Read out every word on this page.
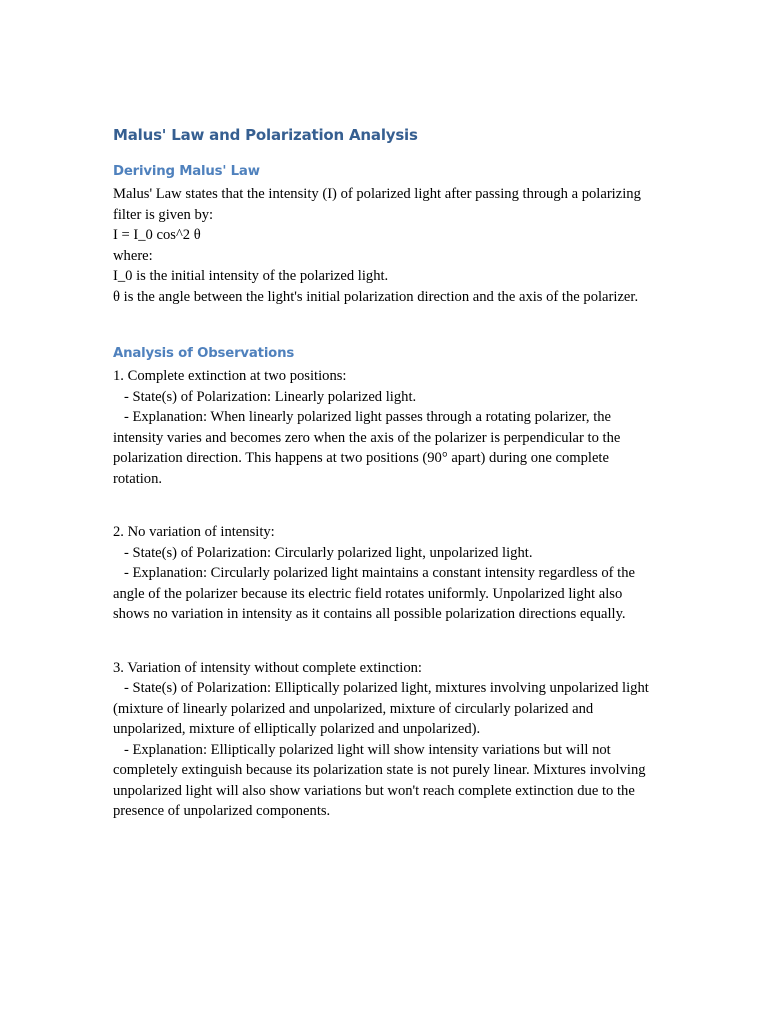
Malus' Law and Polarization Analysis
Deriving Malus' Law

Malus' Law states that the intensity (I) of polarized light after passing through a polarizing filter is given by:

I = I_0 cos^2 θ

where:

I_0 is the initial intensity of the polarized light.

θ is the angle between the light's initial polarization direction and the axis of the polarizer.

Analysis of Observations

1. Complete extinction at two positions:

- State(s) of Polarization: Linearly polarized light.

- Explanation: When linearly polarized light passes through a rotating polarizer, the intensity varies and becomes zero when the axis of the polarizer is perpendicular to the polarization direction. This happens at two positions (90° apart) during one complete rotation.

2. No variation of intensity:

- State(s) of Polarization: Circularly polarized light, unpolarized light.

- Explanation: Circularly polarized light maintains a constant intensity regardless of the angle of the polarizer because its electric field rotates uniformly. Unpolarized light also shows no variation in intensity as it contains all possible polarization directions equally.

3. Variation of intensity without complete extinction:

- State(s) of Polarization: Elliptically polarized light, mixtures involving unpolarized light (mixture of linearly polarized and unpolarized, mixture of circularly polarized and unpolarized, mixture of elliptically polarized and unpolarized).

- Explanation: Elliptically polarized light will show intensity variations but will not completely extinguish because its polarization state is not purely linear. Mixtures involving unpolarized light will also show variations but won't reach complete extinction due to the presence of unpolarized components.
